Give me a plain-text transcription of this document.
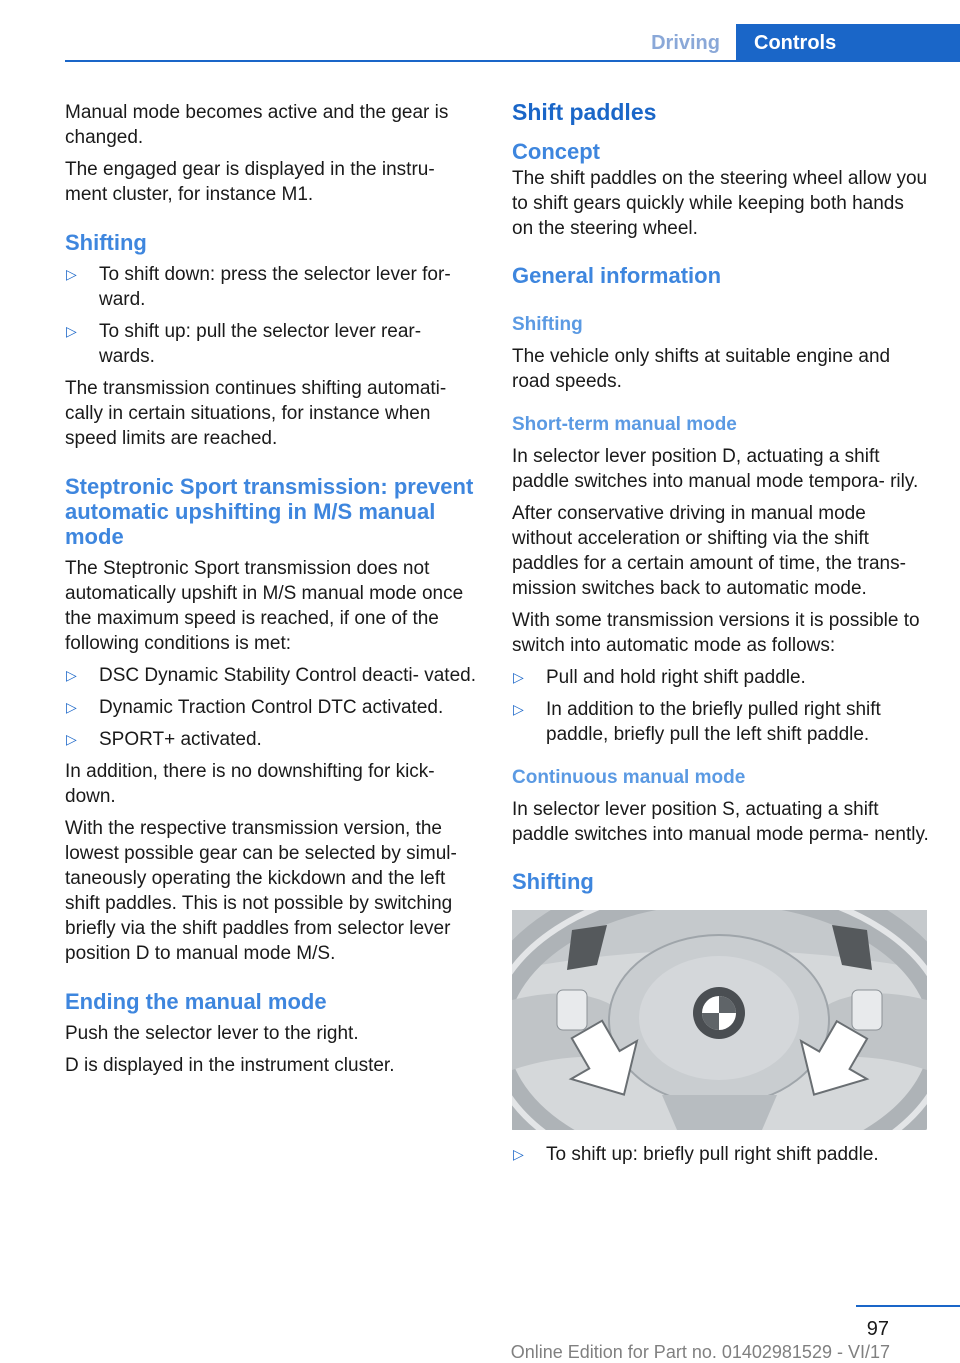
Driving	Controls

Manual mode becomes active and the gear is changed.

The engaged gear is displayed in the instru‐ ment cluster, for instance M1.

Shifting
▷ To shift down: press the selector lever for‐ ward.
▷ To shift up: pull the selector lever rear‐ wards.

The transmission continues shifting automati‐ cally in certain situations, for instance when speed limits are reached.

Steptronic Sport transmission: prevent automatic upshifting in M/S manual mode

The Steptronic Sport transmission does not automatically upshift in M/S manual mode once the maximum speed is reached, if one of the following conditions is met:

▷ DSC Dynamic Stability Control deacti‐ vated.
▷ Dynamic Traction Control DTC activated.
▷ SPORT+ activated.

In addition, there is no downshifting for kick‐ down.

With the respective transmission version, the lowest possible gear can be selected by simul‐ taneously operating the kickdown and the left shift paddles. This is not possible by switching briefly via the shift paddles from selector lever position D to manual mode M/S.

Ending the manual mode

Push the selector lever to the right.

D is displayed in the instrument cluster.

Shift paddles
Concept

The shift paddles on the steering wheel allow you to shift gears quickly while keeping both hands on the steering wheel.

General information
Shifting

The vehicle only shifts at suitable engine and road speeds.

Short-term manual mode

In selector lever position D, actuating a shift paddle switches into manual mode tempora‐ rily.

After conservative driving in manual mode without acceleration or shifting via the shift paddles for a certain amount of time, the trans‐ mission switches back to automatic mode.

With some transmission versions it is possible to switch into automatic mode as follows:

▷ Pull and hold right shift paddle.
▷ In addition to the briefly pulled right shift paddle, briefly pull the left shift paddle.
Continuous manual mode

In selector lever position S, actuating a shift paddle switches into manual mode perma‐ nently.

Shifting
▷ To shift up: briefly pull right shift paddle.
97
Online Edition for Part no. 01402981529 - VI/17
